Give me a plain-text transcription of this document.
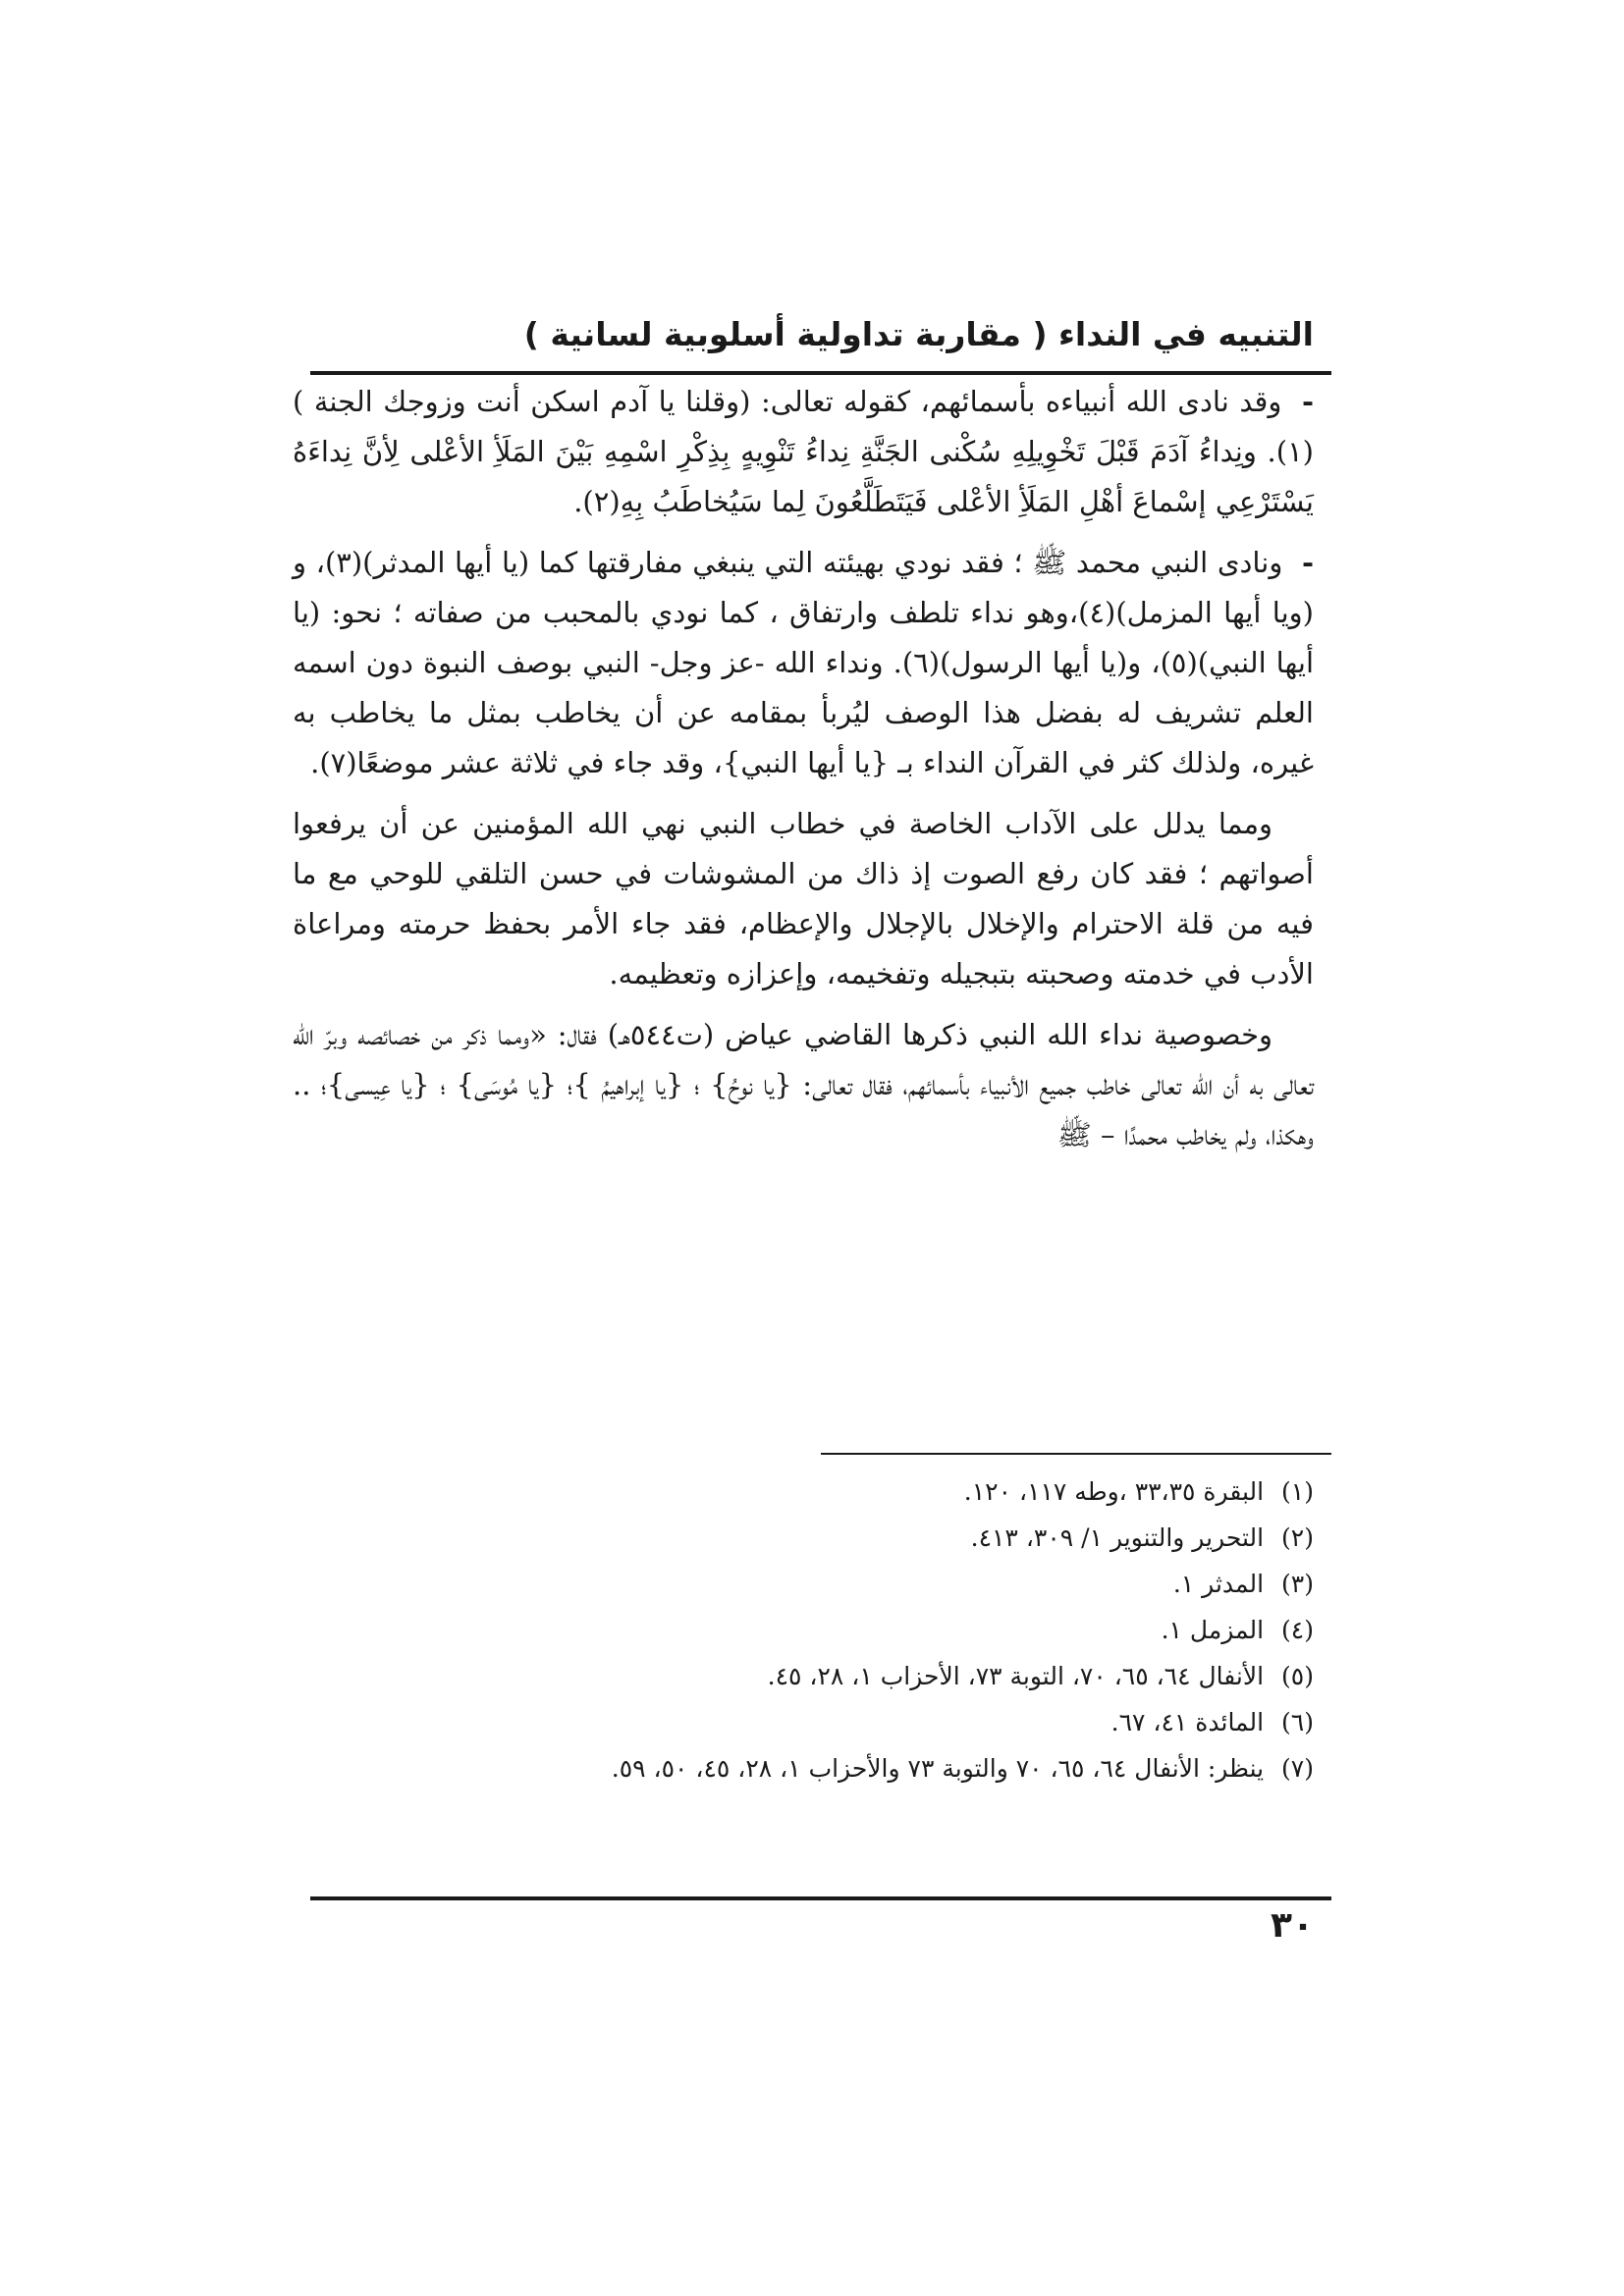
التنبيه في النداء ( مقاربة تداولية أسلوبية لسانية )

- وقد نادى الله أنبياءه بأسمائهم، كقوله تعالى: (وقلنا يا آدم اسكن أنت وزوجك الجنة )(١). ونِداءُ آدَمَ قَبْلَ تَخْوِيلِهِ سُكْنى الجَنَّةِ نِداءُ تَنْوِيهٍ بِذِكْرِ اسْمِهِ بَيْنَ المَلَأِ الأعْلى لِأنَّ نِداءَهُ يَسْتَرْعِي إسْماعَ أهْلِ المَلَأِ الأعْلى فَيَتَطَلَّعُونَ لِما سَيُخاطَبُ بِهِ(٢).

- ونادى النبي محمد ﷺ ؛ فقد نودي بهيئته التي ينبغي مفارقتها كما (يا أيها المدثر)(٣)، و (ويا أيها المزمل)(٤)،وهو نداء تلطف وارتفاق ، كما نودي بالمحبب من صفاته ؛ نحو: (يا أيها النبي)(٥)، و(يا أيها الرسول)(٦). ونداء الله -عز وجل- النبي بوصف النبوة دون اسمه العلم تشريف له بفضل هذا الوصف ليُربأ بمقامه عن أن يخاطب بمثل ما يخاطب به غيره، ولذلك كثر في القرآن النداء بـ {يا أيها النبي}، وقد جاء في ثلاثة عشر موضعًا(٧).

ومما يدلل على الآداب الخاصة في خطاب النبي نهي الله المؤمنين عن أن يرفعوا أصواتهم ؛ فقد كان رفع الصوت إذ ذاك من المشوشات في حسن التلقي للوحي مع ما فيه من قلة الاحترام والإخلال بالإجلال والإعظام، فقد جاء الأمر بحفظ حرمته ومراعاة الأدب في خدمته وصحبته بتبجيله وتفخيمه، وإعزازه وتعظيمه.

وخصوصية نداء الله النبي ذكرها القاضي عياض (ت٥٤٤هـ) فقال: «ومما ذكر من خصائصه وبرّ الله تعالى به أن الله تعالى خاطب جميع الأنبياء بأسمائهم، فقال تعالى: {يا نوحُ} ؛ {يا إبراهيمُ }؛ {يا مُوسَى} ؛ {يا عِيسى}؛ .. وهكذا، ولم يخاطب محمدًا – ﷺ

(١) البقرة ٣٣،٣٥ ،وطه ١١٧، ١٢٠.
(٢) التحرير والتنوير ١/ ٣٠٩، ٤١٣.
(٣) المدثر ١.
(٤) المزمل ١.
(٥) الأنفال ٦٤، ٦٥، ٧٠، التوبة ٧٣، الأحزاب ١، ٢٨، ٤٥.
(٦) المائدة ٤١، ٦٧.
(٧) ينظر: الأنفال ٦٤، ٦٥، ٧٠ والتوبة ٧٣ والأحزاب ١، ٢٨، ٤٥، ٥٠، ٥٩.
٣٠
